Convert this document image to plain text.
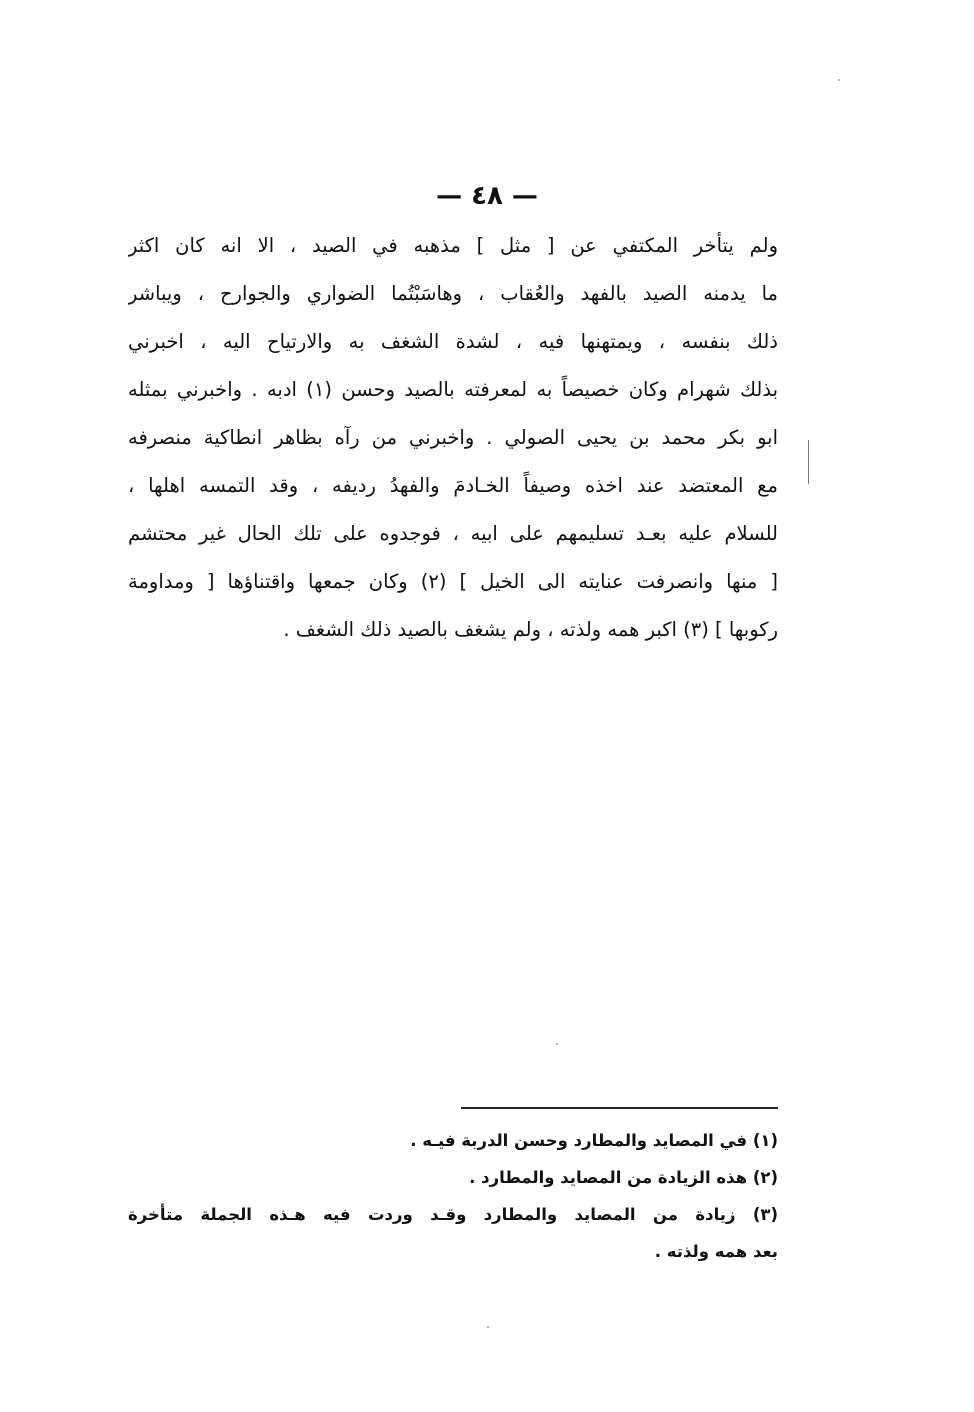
— ٤٨ —
ولم يتأخر المكتفي عن [ مثل ] مذهبه في الصيد ، الا انه كان اكثر
ما يدمنه الصيد بالفهد والعُقاب ، وهاسَبْتُما الضواري والجوارح ، ويباشر
ذلك بنفسه ، ويمتهنها فيه ، لشدة الشغف به والارتياح اليه ، اخبرني
بذلك شهرام وكان خصيصاً به لمعرفته بالصيد وحسن (١) ادبه . واخبرني بمثله
ابو بكر محمد بن يحيى الصولي . واخبرني من رآه بظاهر انطاكية منصرفه
مع المعتضد عند اخذه وصيفاً الخـادمَ والفهدُ رديفه ، وقد التمسه اهلها ،
للسلام عليه بعـد تسليمهم على ابيه ، فوجدوه على تلك الحال غير محتشم
[ منها وانصرفت عنايته الى الخيل ] (٢) وكان جمعها واقتناؤها [ ومداومة
ركوبها ] (٣) اكبر همه ولذته ، ولم يشغف بالصيد ذلك الشغف .
(١) في المصايد والمطارد وحسن الدربة فيـه .
(٢) هذه الزيادة من المصايد والمطارد .
(٣) زيادة من المصايد والمطارد وقـد وردت فيه هـذه الجملة متأخرة
بعد همه ولذته .
